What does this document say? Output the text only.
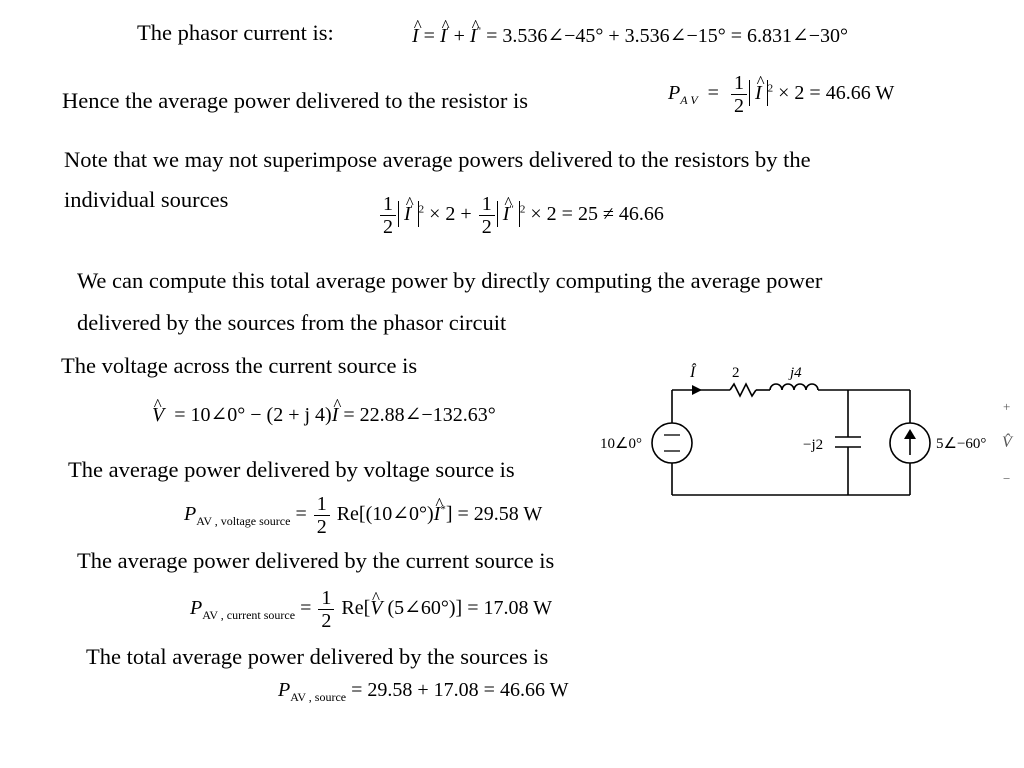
The phasor current is:	^ I = ^ I' + ^ I" = 3.536∠−45° + 3.536∠−15° = 6.831∠−30°
Hence the average power delivered to the resistor is	$P_{A V} = \frac{1}{2}$ ^ I $^2$ × 2 = 46.66 W
Note that we may not superimpose average powers delivered to the resistors by the
individual sources	$\frac{1}{2}$ ^ I' $^2 \times 2 + \frac{1}{2}$ ^ I" $^2$ × 2 = 25 ≠ 46.66
We can compute this total average power by directly computing the average power
delivered by the sources from the phasor circuit
The voltage across the current source is
^ V  = 10∠0° − (2 + j 4)^ I = 22.88∠−132.63°
The average power delivered by voltage source is
$P_{AV , voltage source} = \frac{1}{2}$ Re[(10∠0°)^ I*] = 29.58 W
The average power delivered by the current source is
$P_{AV , current source} = \frac{1}{2}$ Re[^ V (5∠60°)] = 17.08 W
The total average power delivered by the sources is
$P_{AV , source} = 29.58 + 17.08 = 46.66$ W
Î 2	j4
−j2
10∠0°	5∠−60°
+
V̂
−
